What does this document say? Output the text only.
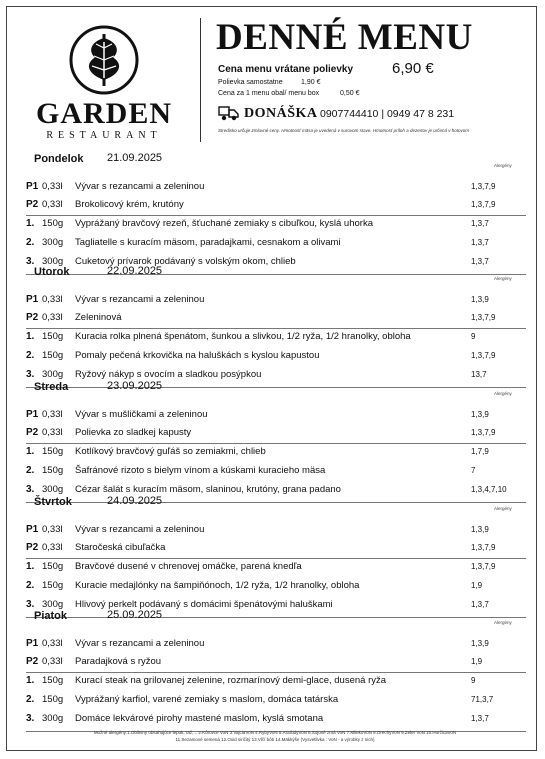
GARDEN
RESTAURANT
DENNÉ MENU
Cena menu vrátane polievky	6,90 €
Polievka samostatne	1,90 €
Cena za 1 menu obal/ menu box	0,50 €
DONÁŠKA 0907744410 | 0949 47 8 231
Stredisko určuje zmluvné ceny. Hmotnosť mäsa je uvedená v surovom stave. Hmotnosť príloh a dezertov je určená v hotovom
Pondelok 21.09.2025
Alergény
P1 0,33l Vývar s rezancami a zeleninou	1,3,7,9
P2 0,33l Brokolicový krém, krutóny	1,3,7,9
1. 150g Vyprážaný bravčový rezeň, šťuchané zemiaky s cibuľkou, kyslá uhorka	1,3,7
2. 300g Tagliatelle s kuracím mäsom, paradajkami, cesnakom a olivami	1,3,7
3. 300g Cuketový prívarok podávaný s volským okom, chlieb	1,3,7
Utorok	22.09.2025
Alergény
P1 0,33l Vývar s rezancami a zeleninou	1,3,9
P2 0,33l Zeleninová	1,3,7,9
1. 150g Kuracia rolka plnená špenátom, šunkou a slivkou, 1/2 ryža, 1/2 hranolky, obloha	9
2. 150g Pomaly pečená krkovička na haluškách s kyslou kapustou	1,3,7,9
3. 300g Ryžový nákyp s ovocím a sladkou posýpkou	13,7
Streda	23.09.2025
Alergény
P1 0,33l Vývar s mušličkami a zeleninou	1,3,9
P2 0,33l Polievka zo sladkej kapusty	1,3,7,9
1. 150g Kotlíkový bravčový guľáš so zemiakmi, chlieb	1,7,9
2. 150g Šafránové rizoto s bielym vínom a kúskami kuracieho mäsa	7
3. 300g Cézar šalát s kuracím mäsom, slaninou, krutóny, grana padano	1,3,4,7,10
Štvrtok	24.09.2025
Alergény
P1 0,33l Vývar s rezancami a zeleninou	1,3,9
P2 0,33l Staročeská cibuľačka	1,3,7,9
1. 150g Bravčové dusené v chrenovej omáčke, parená knedľa	1,3,7,9
2. 150g Kuracie medajlónky na šampiňónoch, 1/2 ryža, 1/2 hranolky, obloha	1,9
3. 300g Hlivový perkelt podávaný s domácimi špenátovými haluškami	1,3,7
Piatok	25.09.2025
Alergény
P1 0,33l Vývar s rezancami a zeleninou	1,3,9
P2 0,33l Paradajková s ryžou	1,9
1. 150g Kurací steak na grilovanej zelenine, rozmarínový demi-glace, dusená ryža	9
2. 150g Vyprážaný karfiol, varené zemiaky s maslom, domáca tatárska	71,3,7
3. 300g Domáce lekvárové pirohy mastené maslom, kyslá smotana	1,3,7
Možné alergény:1.Obilniny obsahujúce lepok, raž,... 2.Kôrovce VoN 3.VajciaVoN 4.RybyVoN 5.AraŠidyVoN 6.Sojové zrná VoN 7.MliekoVoN 8.OrechyVoN 9.Zeler VoN 10.HorčicaVoN
11.Sezamové semená 12.Oxid siričitý 13.Vlčí bôb 14.Mäkkýše (Vysvetlivka : VoN - a výrobky z nich)
